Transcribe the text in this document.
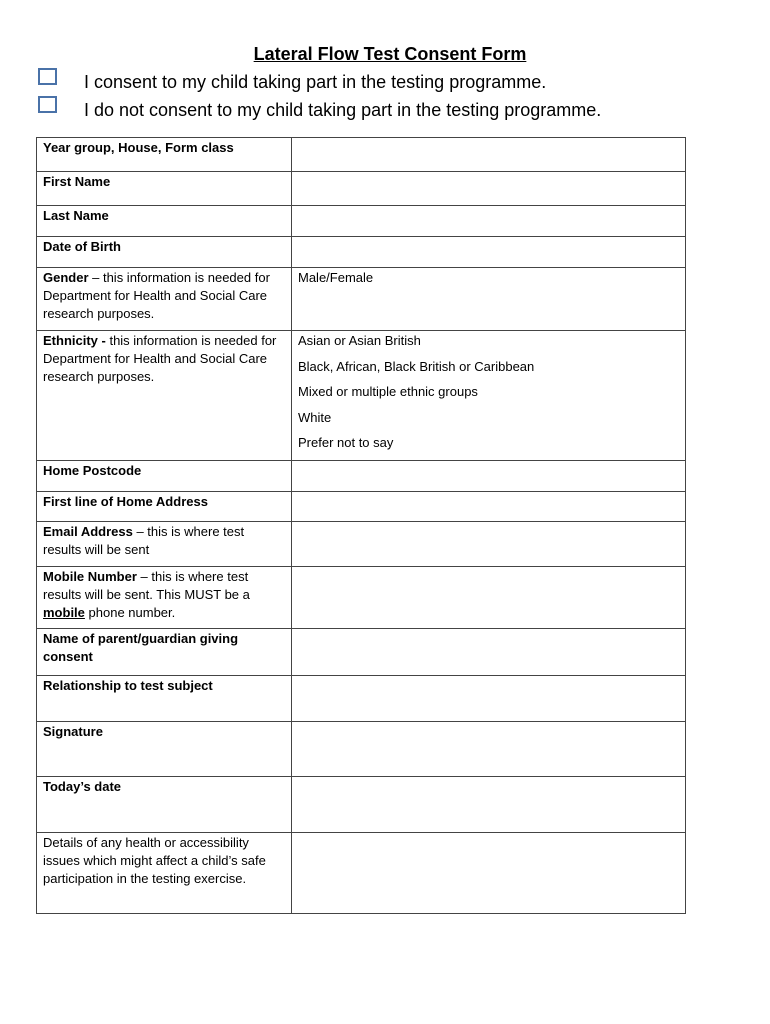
Lateral Flow Test Consent Form
I consent to my child taking part in the testing programme.
I do not consent to my child taking part in the testing programme.
Year group, House, Form class	
First Name	
Last Name	
Date of Birth	
Gender – this information is needed for Department for Health and Social Care research purposes.	Male/Female
Ethnicity - this information is needed for Department for Health and Social Care research purposes.	Asian or Asian British
Black, African, Black British or Caribbean
Mixed or multiple ethnic groups
White
Prefer not to say

Home Postcode	
First line of Home Address	
Email Address – this is where test results will be sent	
Mobile Number – this is where test results will be sent. This MUST be a mobile phone number.	
Name of parent/guardian giving consent	
Relationship to test subject	
Signature	
Today’s date	
Details of any health or accessibility issues which might affect a child’s safe participation in the testing exercise.	
